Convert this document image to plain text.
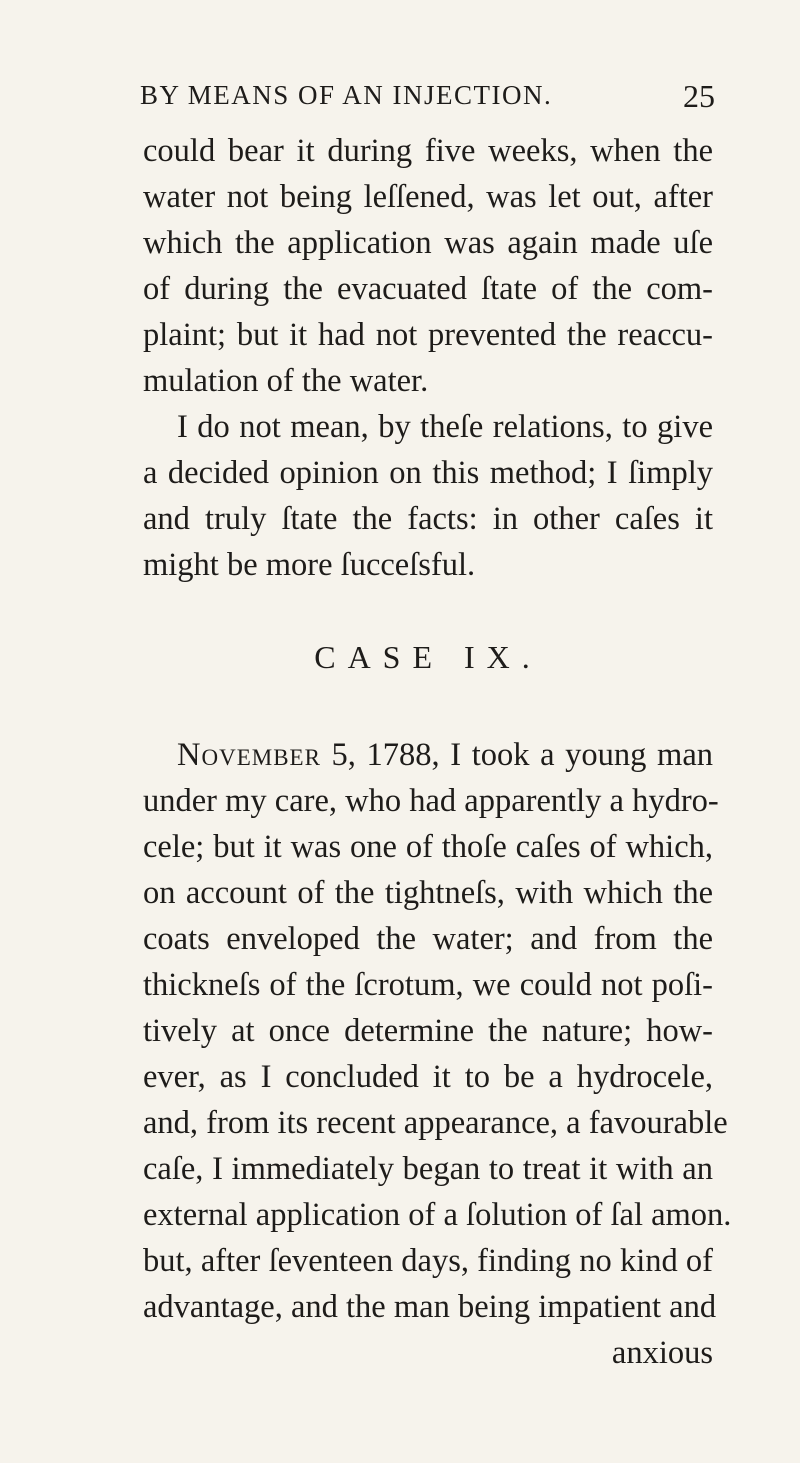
BY MEANS OF AN INJECTION.	25
could bear it during five weeks, when the
water not being leſſened, was let out, after
which the application was again made uſe
of during the evacuated ſtate of the com-
plaint; but it had not prevented the reaccu-
mulation of the water.
I do not mean, by theſe relations, to give
a decided opinion on this method; I ſimply
and truly ſtate the facts: in other caſes it
might be more ſucceſsful.
CASE IX.
November 5, 1788, I took a young man
under my care, who had apparently a hydro-
cele; but it was one of thoſe caſes of which,
on account of the tightneſs, with which the
coats enveloped the water; and from the
thickneſs of the ſcrotum, we could not poſi-
tively at once determine the nature; how-
ever, as I concluded it to be a hydrocele,
and, from its recent appearance, a favourable
caſe, I immediately began to treat it with an
external application of a ſolution of ſal amon.
but, after ſeventeen days, finding no kind of
advantage, and the man being impatient and
anxious
